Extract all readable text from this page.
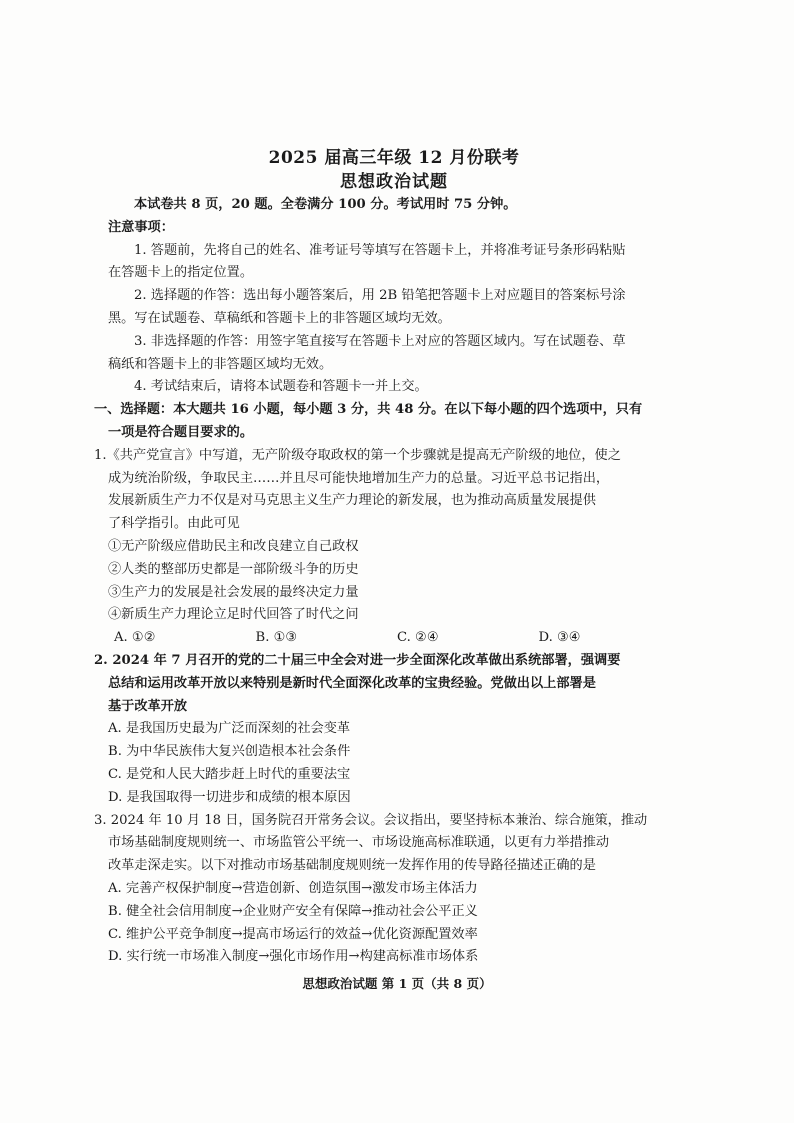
2025 届高三年级 12 月份联考
思想政治试题
本试卷共 8 页，20 题。全卷满分 100 分。考试用时 75 分钟。
注意事项：
1. 答题前，先将自己的姓名、准考证号等填写在答题卡上，并将准考证号条形码粘贴
在答题卡上的指定位置。
2. 选择题的作答：选出每小题答案后，用 2B 铅笔把答题卡上对应题目的答案标号涂
黑。写在试题卷、草稿纸和答题卡上的非答题区域均无效。
3. 非选择题的作答：用签字笔直接写在答题卡上对应的答题区域内。写在试题卷、草
稿纸和答题卡上的非答题区域均无效。
4. 考试结束后，请将本试题卷和答题卡一并上交。
一、选择题：本大题共 16 小题，每小题 3 分，共 48 分。在以下每小题的四个选项中，只有
一项是符合题目要求的。
1.《共产党宣言》中写道，无产阶级夺取政权的第一个步骤就是提高无产阶级的地位，使之
成为统治阶级，争取民主……并且尽可能快地增加生产力的总量。习近平总书记指出，
发展新质生产力不仅是对马克思主义生产力理论的新发展，也为推动高质量发展提供
了科学指引。由此可见
①无产阶级应借助民主和改良建立自己政权
②人类的整部历史都是一部阶级斗争的历史
③生产力的发展是社会发展的最终决定力量
④新质生产力理论立足时代回答了时代之问
A. ①②	B. ①③	C. ②④	D. ③④
2. 2024 年 7 月召开的党的二十届三中全会对进一步全面深化改革做出系统部署，强调要
总结和运用改革开放以来特别是新时代全面深化改革的宝贵经验。党做出以上部署是
基于改革开放
A. 是我国历史最为广泛而深刻的社会变革
B. 为中华民族伟大复兴创造根本社会条件
C. 是党和人民大踏步赶上时代的重要法宝
D. 是我国取得一切进步和成绩的根本原因
3. 2024 年 10 月 18 日，国务院召开常务会议。会议指出，要坚持标本兼治、综合施策，推动
市场基础制度规则统一、市场监管公平统一、市场设施高标准联通，以更有力举措推动
改革走深走实。以下对推动市场基础制度规则统一发挥作用的传导路径描述正确的是
A. 完善产权保护制度→营造创新、创造氛围→激发市场主体活力
B. 健全社会信用制度→企业财产安全有保障→推动社会公平正义
C. 维护公平竞争制度→提高市场运行的效益→优化资源配置效率
D. 实行统一市场准入制度→强化市场作用→构建高标准市场体系
思想政治试题 第 1 页（共 8 页）
